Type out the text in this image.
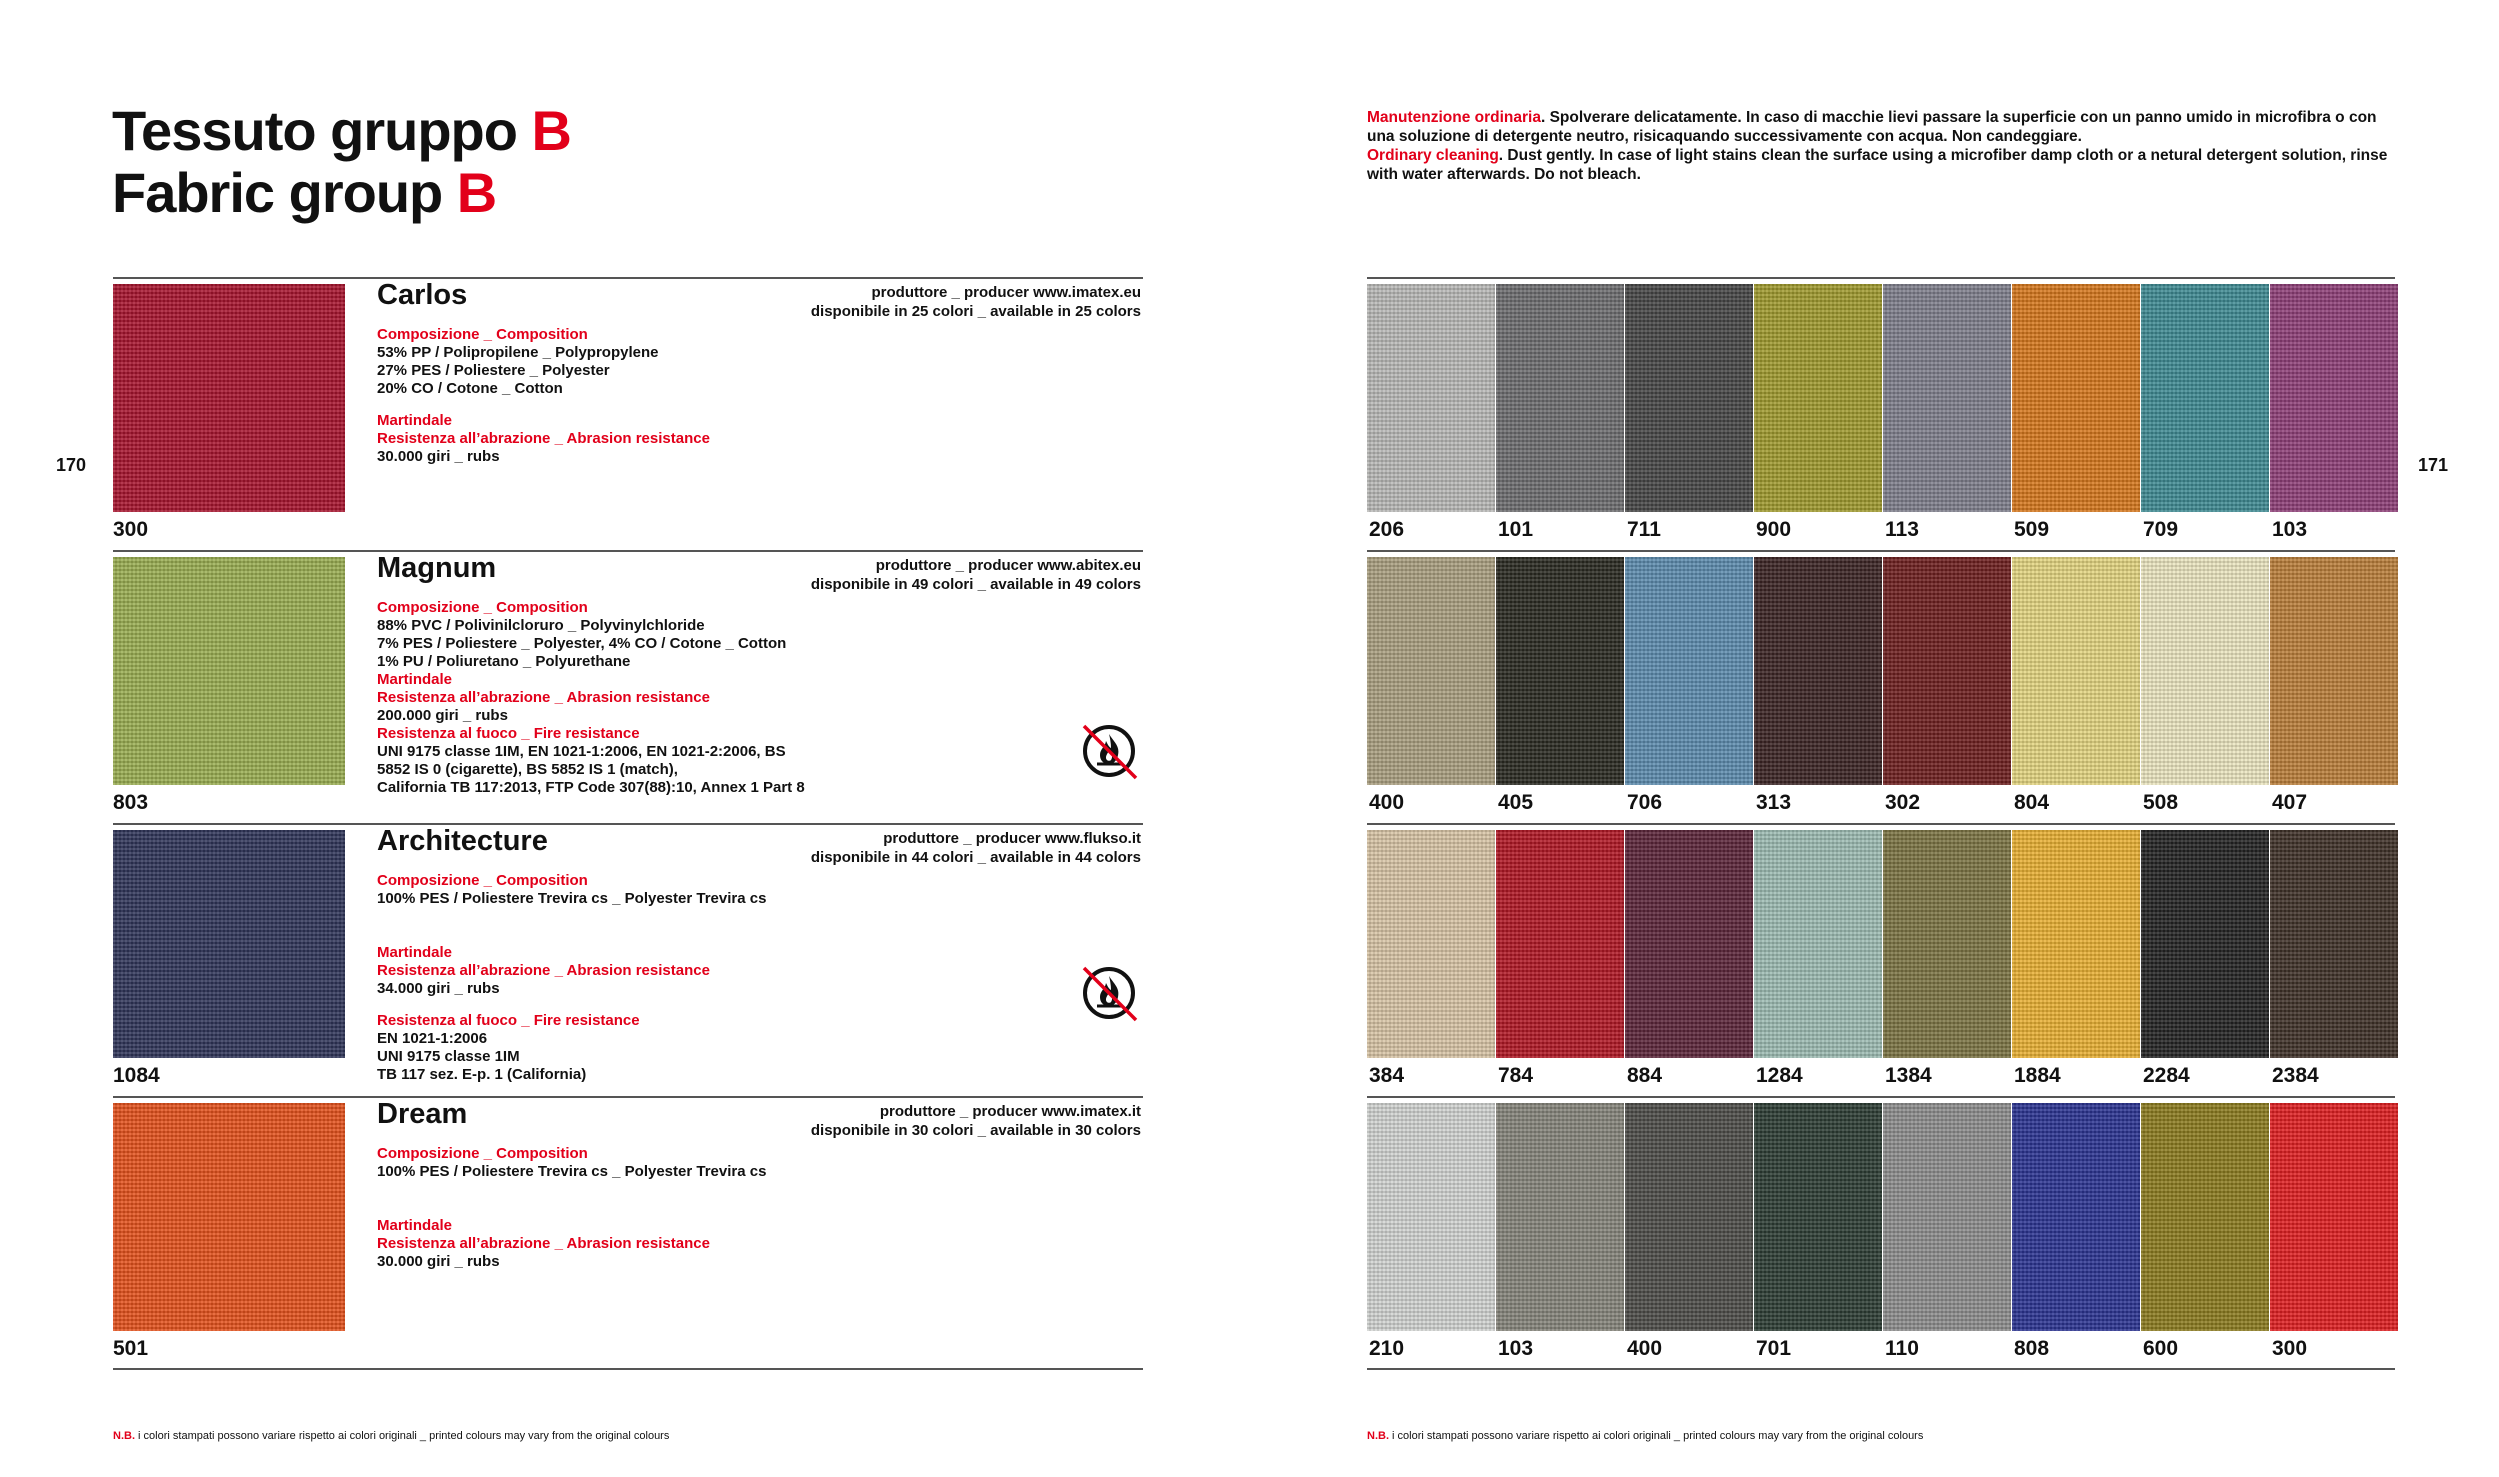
Tessuto gruppo B
Fabric group B
Manutenzione ordinaria. Spolverare delicatamente. In caso di macchie lievi passare la superficie con un panno umido in microfibra o con una soluzione di detergente neutro, risicaquando successivamente con acqua. Non candeggiare.
Ordinary cleaning. Dust gently. In case of light stains clean the surface using a microfiber damp cloth or a netural detergent solution, rinse with water afterwards. Do not bleach.
170	171
300
Carlos	produttore _ producer www.imatex.eu
disponibile in 25 colori _ available in 25 colors
Composizione _ Composition
53% PP / Polipropilene _ Polypropylene
27% PES / Poliestere _ Polyester
20% CO / Cotone _ Cotton
Martindale
Resistenza all’abrazione _ Abrasion resistance
30.000 giri _ rubs
206	101	711	900	113	509	709	103
803
Magnum	produttore _ producer www.abitex.eu
disponibile in 49 colori _ available in 49 colors
Composizione _ Composition
88% PVC / Polivinilcloruro _ Polyvinylchloride
7% PES / Poliestere _ Polyester, 4% CO / Cotone _ Cotton
1% PU / Poliuretano _ Polyurethane
Martindale
Resistenza all’abrazione _ Abrasion resistance
200.000 giri _ rubs
Resistenza al fuoco _ Fire resistance
UNI 9175 classe 1IM, EN 1021-1:2006, EN 1021-2:2006, BS
5852 IS 0 (cigarette), BS 5852 IS 1 (match),
California TB 117:2013, FTP Code 307(88):10, Annex 1 Part 8
400	405	706	313	302	804	508	407
1084
Architecture	produttore _ producer www.flukso.it
disponibile in 44 colori _ available in 44 colors
Composizione _ Composition
100% PES / Poliestere Trevira cs _ Polyester Trevira cs
Martindale
Resistenza all’abrazione _ Abrasion resistance
34.000 giri _ rubs
Resistenza al fuoco _ Fire resistance
EN 1021-1:2006
UNI 9175 classe 1IM
TB 117 sez. E-p. 1 (California)	384	784	884	1284	1384	1884	2284	2384
501
Dream	produttore _ producer www.imatex.it
disponibile in 30 colori _ available in 30 colors
Composizione _ Composition
100% PES / Poliestere Trevira cs _ Polyester Trevira cs
Martindale
Resistenza all’abrazione _ Abrasion resistance
30.000 giri _ rubs
210	103	400	701	110	808	600	300
N.B. i colori stampati possono variare rispetto ai colori originali _ printed colours may vary from the original colours	N.B. i colori stampati possono variare rispetto ai colori originali _ printed colours may vary from the original colours
